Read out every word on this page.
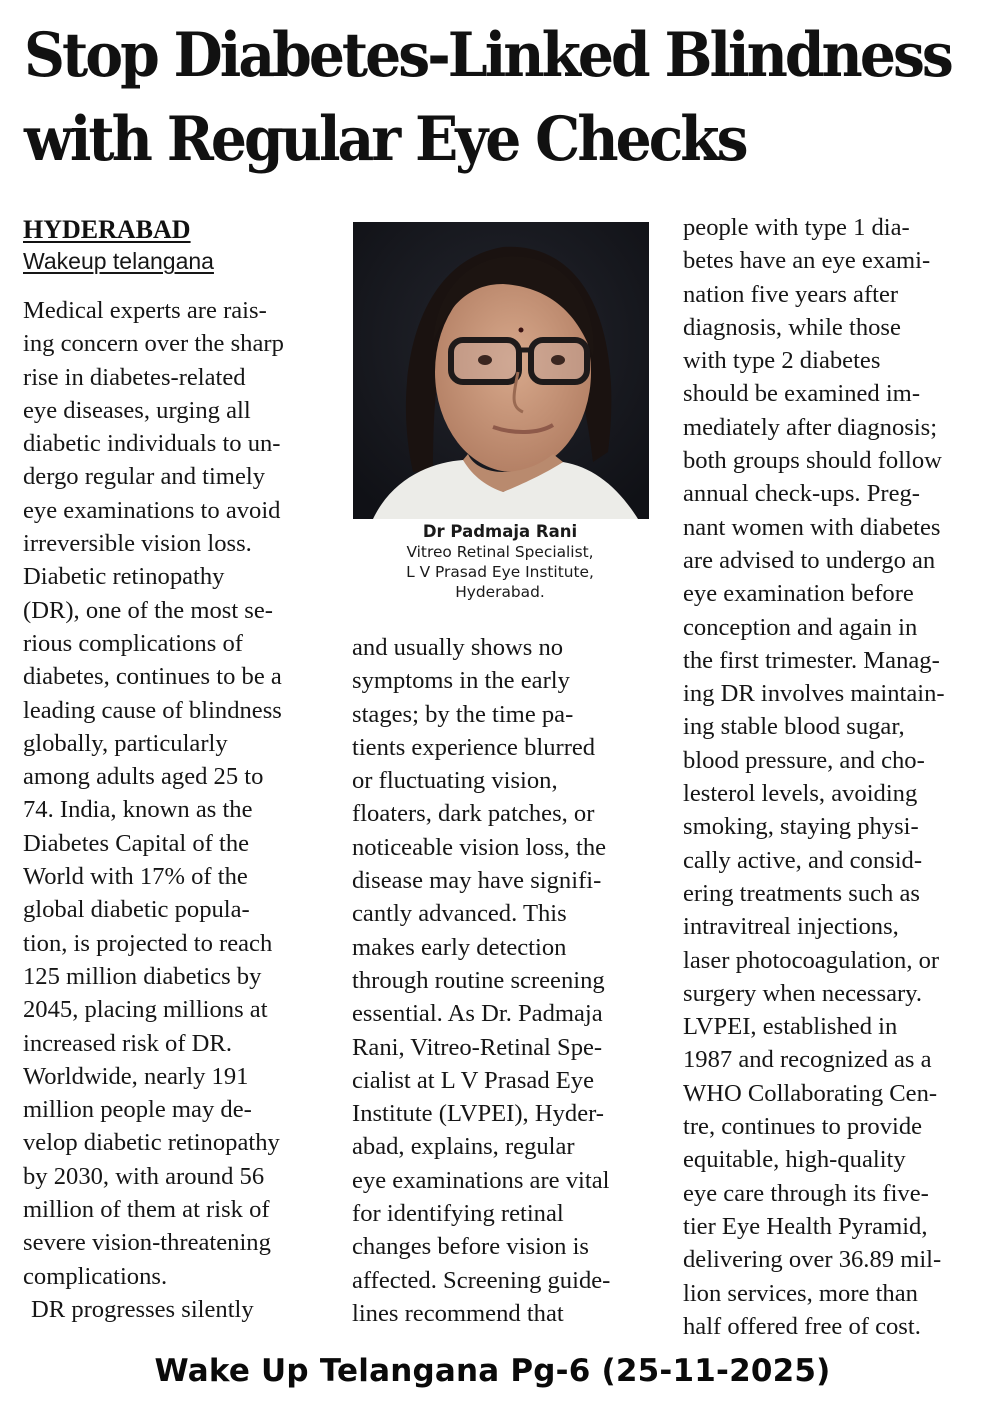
Stop Diabetes-Linked Blindness
with Regular Eye Checks
HYDERABAD
Wakeup telangana

Medical experts are rais-
ing concern over the sharp
rise in diabetes-related
eye diseases, urging all
diabetic individuals to un-
dergo regular and timely
eye examinations to avoid
irreversible vision loss.
Diabetic retinopathy
(DR), one of the most se-
rious complications of
diabetes, continues to be a
leading cause of blindness
globally, particularly
among adults aged 25 to
74. India, known as the
Diabetes Capital of the
World with 17% of the
global diabetic popula-
tion, is projected to reach
125 million diabetics by
2045, placing millions at
increased risk of DR.
Worldwide, nearly 191
million people may de-
velop diabetic retinopathy
by 2030, with around 56
million of them at risk of
severe vision-threatening
complications.
DR progresses silently

Dr Padmaja Rani
Vitreo Retinal Specialist,
L V Prasad Eye Institute,
Hyderabad.

and usually shows no
symptoms in the early
stages; by the time pa-
tients experience blurred
or fluctuating vision,
floaters, dark patches, or
noticeable vision loss, the
disease may have signifi-
cantly advanced. This
makes early detection
through routine screening
essential. As Dr. Padmaja
Rani, Vitreo-Retinal Spe-
cialist at L V Prasad Eye
Institute (LVPEI), Hyder-
abad, explains, regular
eye examinations are vital
for identifying retinal
changes before vision is
affected. Screening guide-
lines recommend that

people with type 1 dia-
betes have an eye exami-
nation five years after
diagnosis, while those
with type 2 diabetes
should be examined im-
mediately after diagnosis;
both groups should follow
annual check-ups. Preg-
nant women with diabetes
are advised to undergo an
eye examination before
conception and again in
the first trimester. Manag-
ing DR involves maintain-
ing stable blood sugar,
blood pressure, and cho-
lesterol levels, avoiding
smoking, staying physi-
cally active, and consid-
ering treatments such as
intravitreal injections,
laser photocoagulation, or
surgery when necessary.
LVPEI, established in
1987 and recognized as a
WHO Collaborating Cen-
tre, continues to provide
equitable, high-quality
eye care through its five-
tier Eye Health Pyramid,
delivering over 36.89 mil-
lion services, more than
half offered free of cost.

Wake Up Telangana Pg-6 (25-11-2025)
